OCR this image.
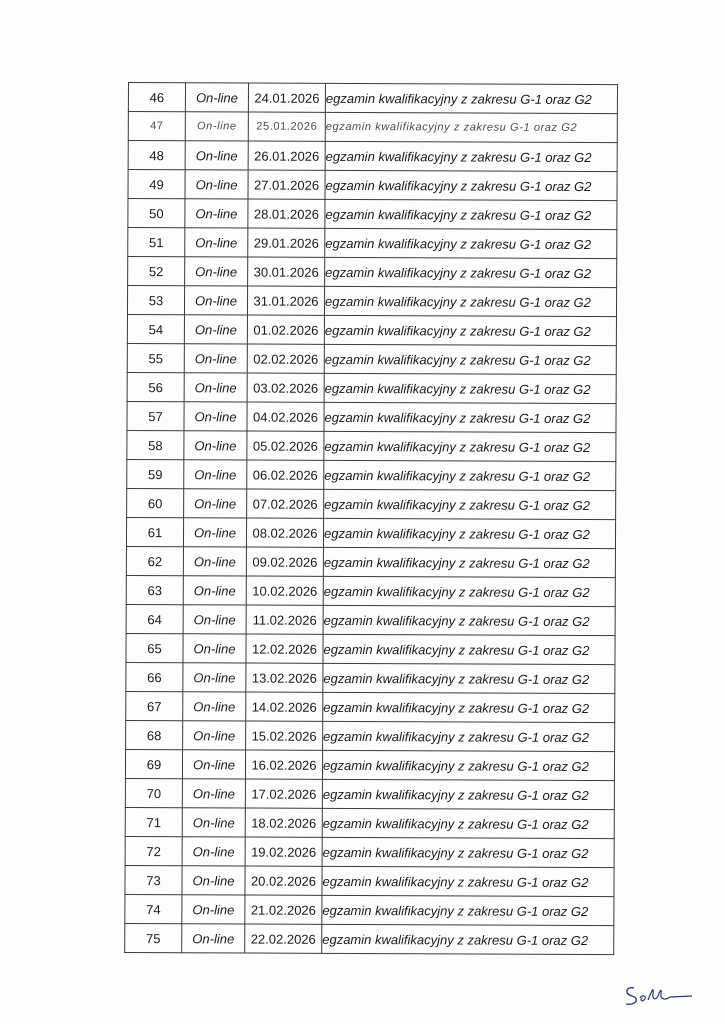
46	On-line	24.01.2026	egzamin kwalifikacyjny z zakresu G-1 oraz G2
47	On-line	25.01.2026	egzamin kwalifikacyjny z zakresu G-1 oraz G2
48	On-line	26.01.2026	egzamin kwalifikacyjny z zakresu G-1 oraz G2
49	On-line	27.01.2026	egzamin kwalifikacyjny z zakresu G-1 oraz G2
50	On-line	28.01.2026	egzamin kwalifikacyjny z zakresu G-1 oraz G2
51	On-line	29.01.2026	egzamin kwalifikacyjny z zakresu G-1 oraz G2
52	On-line	30.01.2026	egzamin kwalifikacyjny z zakresu G-1 oraz G2
53	On-line	31.01.2026	egzamin kwalifikacyjny z zakresu G-1 oraz G2
54	On-line	01.02.2026	egzamin kwalifikacyjny z zakresu G-1 oraz G2
55	On-line	02.02.2026	egzamin kwalifikacyjny z zakresu G-1 oraz G2
56	On-line	03.02.2026	egzamin kwalifikacyjny z zakresu G-1 oraz G2
57	On-line	04.02.2026	egzamin kwalifikacyjny z zakresu G-1 oraz G2
58	On-line	05.02.2026	egzamin kwalifikacyjny z zakresu G-1 oraz G2
59	On-line	06.02.2026	egzamin kwalifikacyjny z zakresu G-1 oraz G2
60	On-line	07.02.2026	egzamin kwalifikacyjny z zakresu G-1 oraz G2
61	On-line	08.02.2026	egzamin kwalifikacyjny z zakresu G-1 oraz G2
62	On-line	09.02.2026	egzamin kwalifikacyjny z zakresu G-1 oraz G2
63	On-line	10.02.2026	egzamin kwalifikacyjny z zakresu G-1 oraz G2
64	On-line	11.02.2026	egzamin kwalifikacyjny z zakresu G-1 oraz G2
65	On-line	12.02.2026	egzamin kwalifikacyjny z zakresu G-1 oraz G2
66	On-line	13.02.2026	egzamin kwalifikacyjny z zakresu G-1 oraz G2
67	On-line	14.02.2026	egzamin kwalifikacyjny z zakresu G-1 oraz G2
68	On-line	15.02.2026	egzamin kwalifikacyjny z zakresu G-1 oraz G2
69	On-line	16.02.2026	egzamin kwalifikacyjny z zakresu G-1 oraz G2
70	On-line	17.02.2026	egzamin kwalifikacyjny z zakresu G-1 oraz G2
71	On-line	18.02.2026	egzamin kwalifikacyjny z zakresu G-1 oraz G2
72	On-line	19.02.2026	egzamin kwalifikacyjny z zakresu G-1 oraz G2
73	On-line	20.02.2026	egzamin kwalifikacyjny z zakresu G-1 oraz G2
74	On-line	21.02.2026	egzamin kwalifikacyjny z zakresu G-1 oraz G2
75	On-line	22.02.2026	egzamin kwalifikacyjny z zakresu G-1 oraz G2
